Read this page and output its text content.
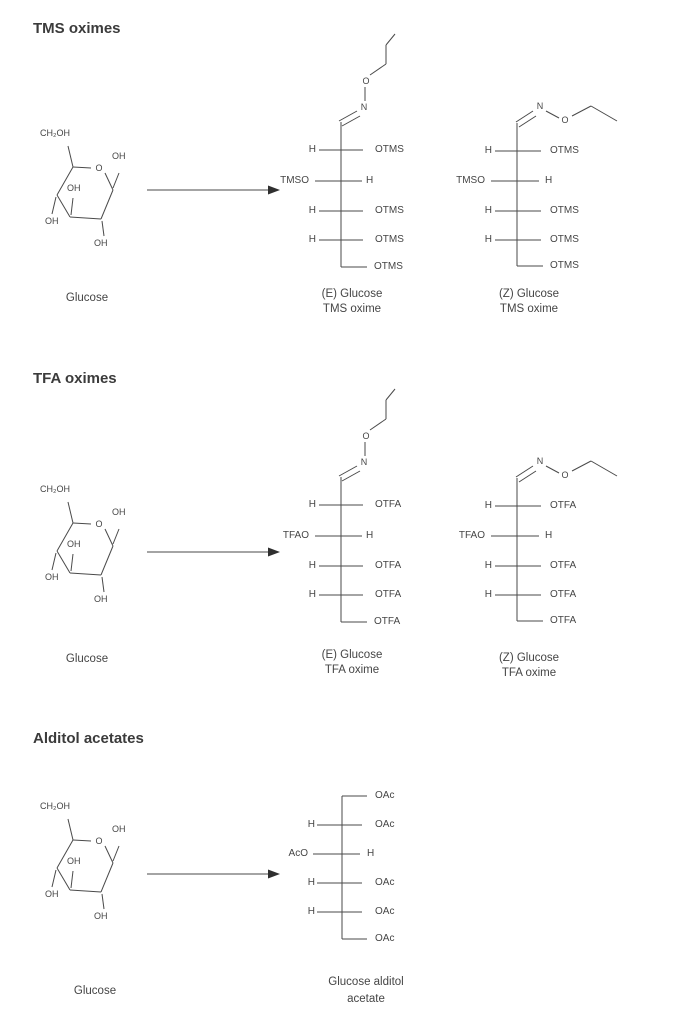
TMS oximes
CH₂OH
O
OH
OH
OH
OH
Glucose
O
N
H	OTMS
TMSO	H
H	OTMS
H	OTMS
OTMS
(E) Glucose
TMS oxime
N
O
H	OTMS
TMSO	H
H	OTMS
H	OTMS
OTMS
(Z) Glucose
TMS oxime
TFA oximes
CH₂OH
O
OH
OH
OH
OH
Glucose
O
N
H	OTFA
TFAO	H
H	OTFA
H	OTFA
OTFA
(E) Glucose
TFA oxime
N
O
H	OTFA
TFAO	H
H	OTFA
H	OTFA
OTFA
(Z) Glucose
TFA oxime
Alditol acetates
CH₂OH
O
OH
OH
OH
OH
Glucose
OAc
H	OAc
AcO	H
H	OAc
H	OAc
OAc
Glucose alditol
acetate
